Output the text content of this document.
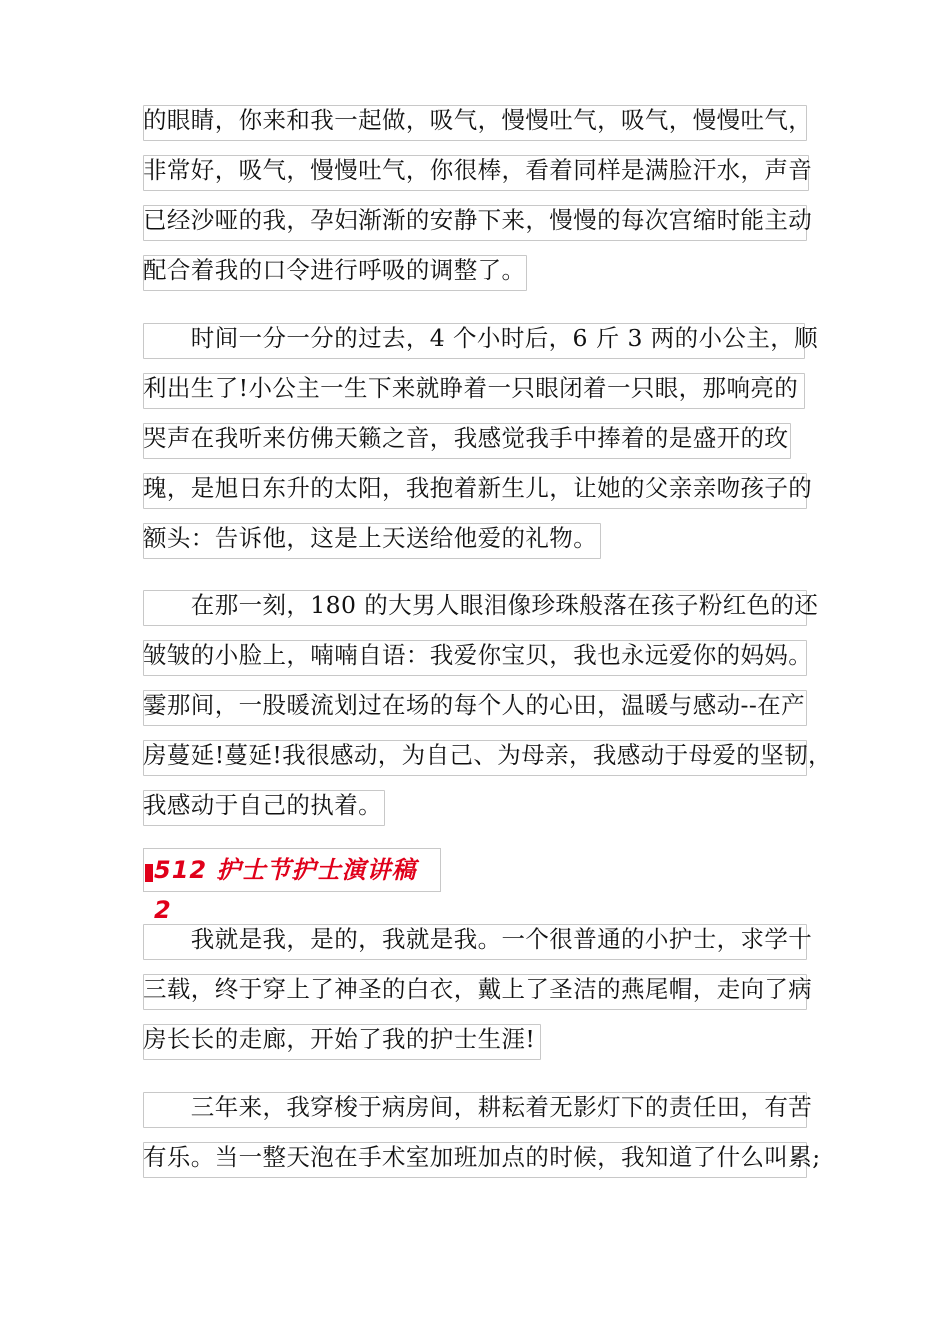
的眼睛，你来和我一起做，吸气，慢慢吐气，吸气，慢慢吐气，
非常好，吸气，慢慢吐气，你很棒，看着同样是满脸汗水，声音
已经沙哑的我，孕妇渐渐的安静下来，慢慢的每次宫缩时能主动
配合着我的口令进行呼吸的调整了。
　　时间一分一分的过去，4 个小时后，6 斤 3 两的小公主，顺
利出生了!小公主一生下来就睁着一只眼闭着一只眼，那响亮的
哭声在我听来仿佛天籁之音，我感觉我手中捧着的是盛开的玫
瑰，是旭日东升的太阳，我抱着新生儿，让她的父亲亲吻孩子的
额头：告诉他，这是上天送给他爱的礼物。
　　在那一刻，180 的大男人眼泪像珍珠般落在孩子粉红色的还
皱皱的小脸上，喃喃自语：我爱你宝贝，我也永远爱你的妈妈。
霎那间，一股暖流划过在场的每个人的心田，温暖与感动--在产
房蔓延!蔓延!我很感动，为自己、为母亲，我感动于母爱的坚韧，
我感动于自己的执着。
512 护士节护士演讲稿 2
　　我就是我，是的，我就是我。一个很普通的小护士，求学十
三载，终于穿上了神圣的白衣，戴上了圣洁的燕尾帽，走向了病
房长长的走廊，开始了我的护士生涯!
　　三年来，我穿梭于病房间，耕耘着无影灯下的责任田，有苦
有乐。当一整天泡在手术室加班加点的时候，我知道了什么叫累;
